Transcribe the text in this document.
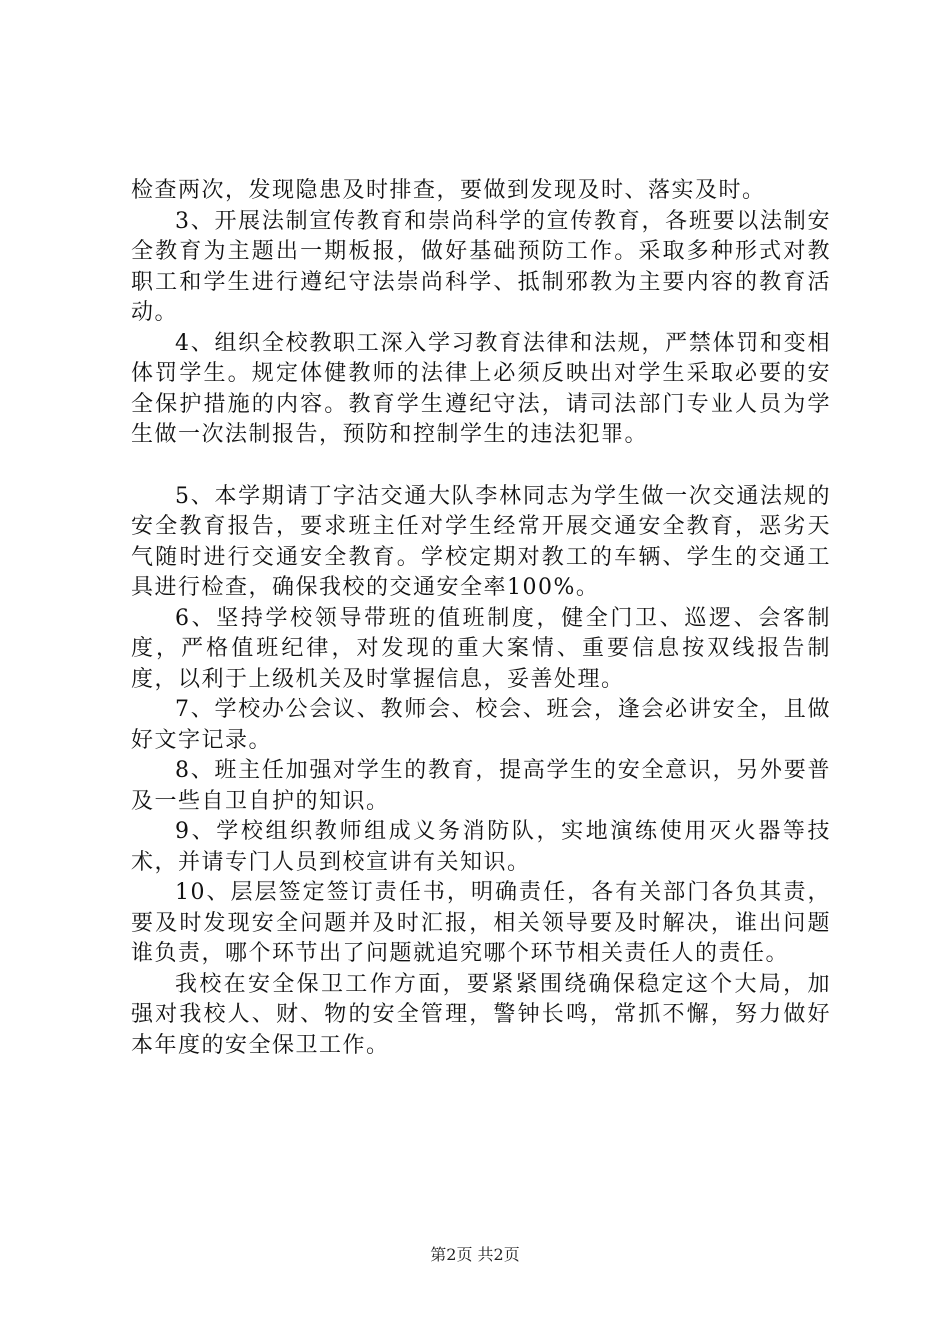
检查两次，发现隐患及时排查，要做到发现及时、落实及时。

3、开展法制宣传教育和崇尚科学的宣传教育，各班要以法制安全教育为主题出一期板报，做好基础预防工作。采取多种形式对教职工和学生进行遵纪守法崇尚科学、抵制邪教为主要内容的教育活动。

4、组织全校教职工深入学习教育法律和法规，严禁体罚和变相体罚学生。规定体健教师的法律上必须反映出对学生采取必要的安全保护措施的内容。教育学生遵纪守法，请司法部门专业人员为学生做一次法制报告，预防和控制学生的违法犯罪。

5、本学期请丁字沽交通大队李林同志为学生做一次交通法规的安全教育报告，要求班主任对学生经常开展交通安全教育，恶劣天气随时进行交通安全教育。学校定期对教工的车辆、学生的交通工具进行检查，确保我校的交通安全率100%。

6、坚持学校领导带班的值班制度，健全门卫、巡逻、会客制度，严格值班纪律，对发现的重大案情、重要信息按双线报告制度，以利于上级机关及时掌握信息，妥善处理。

7、学校办公会议、教师会、校会、班会，逢会必讲安全，且做好文字记录。

8、班主任加强对学生的教育，提高学生的安全意识，另外要普及一些自卫自护的知识。

9、学校组织教师组成义务消防队，实地演练使用灭火器等技术，并请专门人员到校宣讲有关知识。

10、层层签定签订责任书，明确责任，各有关部门各负其责，要及时发现安全问题并及时汇报，相关领导要及时解决，谁出问题谁负责，哪个环节出了问题就追究哪个环节相关责任人的责任。

我校在安全保卫工作方面，要紧紧围绕确保稳定这个大局，加强对我校人、财、物的安全管理，警钟长鸣，常抓不懈，努力做好本年度的安全保卫工作。

第2页 共2页
